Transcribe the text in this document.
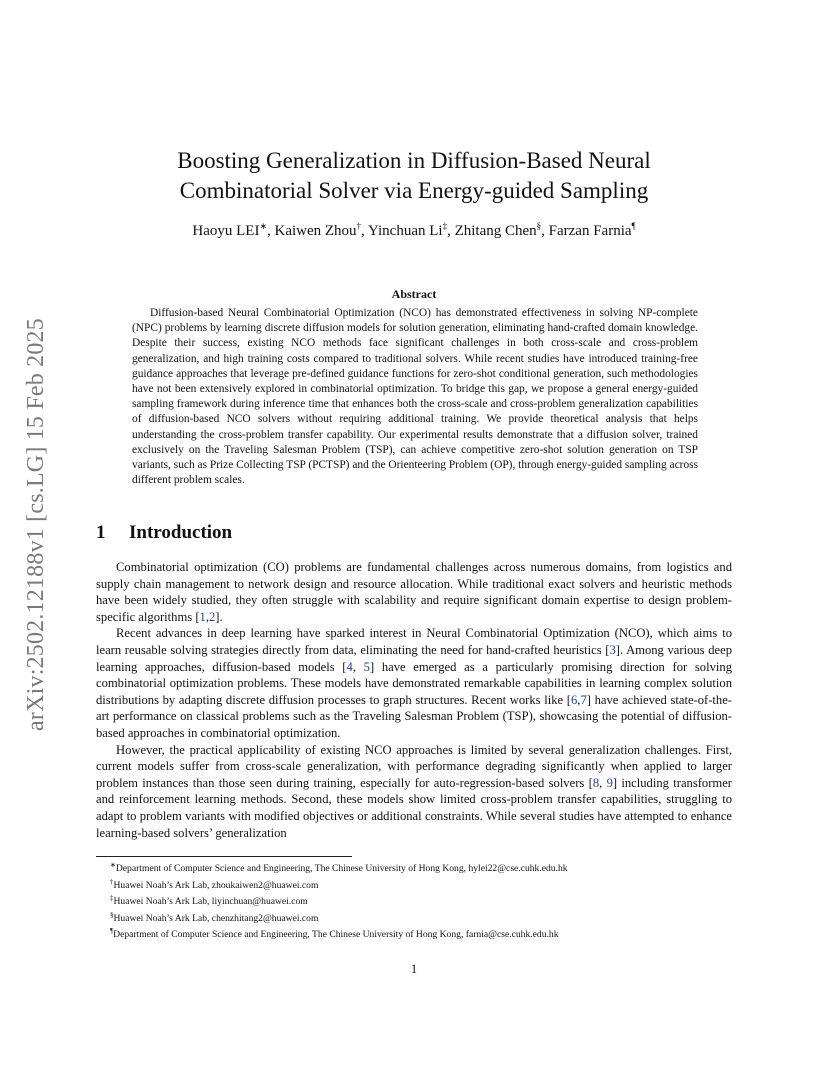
arXiv:2502.12188v1 [cs.LG] 15 Feb 2025
Boosting Generalization in Diffusion-Based Neural
Combinatorial Solver via Energy-guided Sampling
Haoyu LEI∗, Kaiwen Zhou†, Yinchuan Li‡, Zhitang Chen§, Farzan Farnia¶
Abstract

Diffusion-based Neural Combinatorial Optimization (NCO) has demonstrated effectiveness in solving NP-complete (NPC) problems by learning discrete diffusion models for solution generation, eliminating hand-crafted domain knowledge. Despite their success, existing NCO methods face significant challenges in both cross-scale and cross-problem generalization, and high training costs compared to traditional solvers. While recent studies have introduced training-free guidance approaches that leverage pre-defined guidance functions for zero-shot conditional generation, such methodologies have not been extensively explored in combinatorial optimization. To bridge this gap, we propose a general energy-guided sampling framework during inference time that enhances both the cross-scale and cross-problem generalization capabilities of diffusion-based NCO solvers without requiring additional training. We provide theoretical analysis that helps understanding the cross-problem transfer capability. Our experimental results demonstrate that a diffusion solver, trained exclusively on the Traveling Salesman Problem (TSP), can achieve competitive zero-shot solution generation on TSP variants, such as Prize Collecting TSP (PCTSP) and the Orienteering Problem (OP), through energy-guided sampling across different problem scales.

1 Introduction

Combinatorial optimization (CO) problems are fundamental challenges across numerous domains, from logistics and supply chain management to network design and resource allocation. While traditional exact solvers and heuristic methods have been widely studied, they often struggle with scalability and require significant domain expertise to design problem-specific algorithms [1,2].

Recent advances in deep learning have sparked interest in Neural Combinatorial Optimization (NCO), which aims to learn reusable solving strategies directly from data, eliminating the need for hand-crafted heuristics [3]. Among various deep learning approaches, diffusion-based models [4, 5] have emerged as a particularly promising direction for solving combinatorial optimization problems. These models have demonstrated remarkable capabilities in learning complex solution distributions by adapting discrete diffusion processes to graph structures. Recent works like [6,7] have achieved state-of-the-art performance on classical problems such as the Traveling Salesman Problem (TSP), showcasing the potential of diffusion-based approaches in combinatorial optimization.

However, the practical applicability of existing NCO approaches is limited by several generalization challenges. First, current models suffer from cross-scale generalization, with performance degrading significantly when applied to larger problem instances than those seen during training, especially for auto-regression-based solvers [8, 9] including transformer and reinforcement learning methods. Second, these models show limited cross-problem transfer capabilities, struggling to adapt to problem variants with modified objectives or additional constraints. While several studies have attempted to enhance learning-based solvers’ generalization

∗Department of Computer Science and Engineering, The Chinese University of Hong Kong, hylei22@cse.cuhk.edu.hk
†Huawei Noah’s Ark Lab, zhoukaiwen2@huawei.com
‡Huawei Noah’s Ark Lab, liyinchuan@huawei.com
§Huawei Noah’s Ark Lab, chenzhitang2@huawei.com
¶Department of Computer Science and Engineering, The Chinese University of Hong Kong, farnia@cse.cuhk.edu.hk
1
